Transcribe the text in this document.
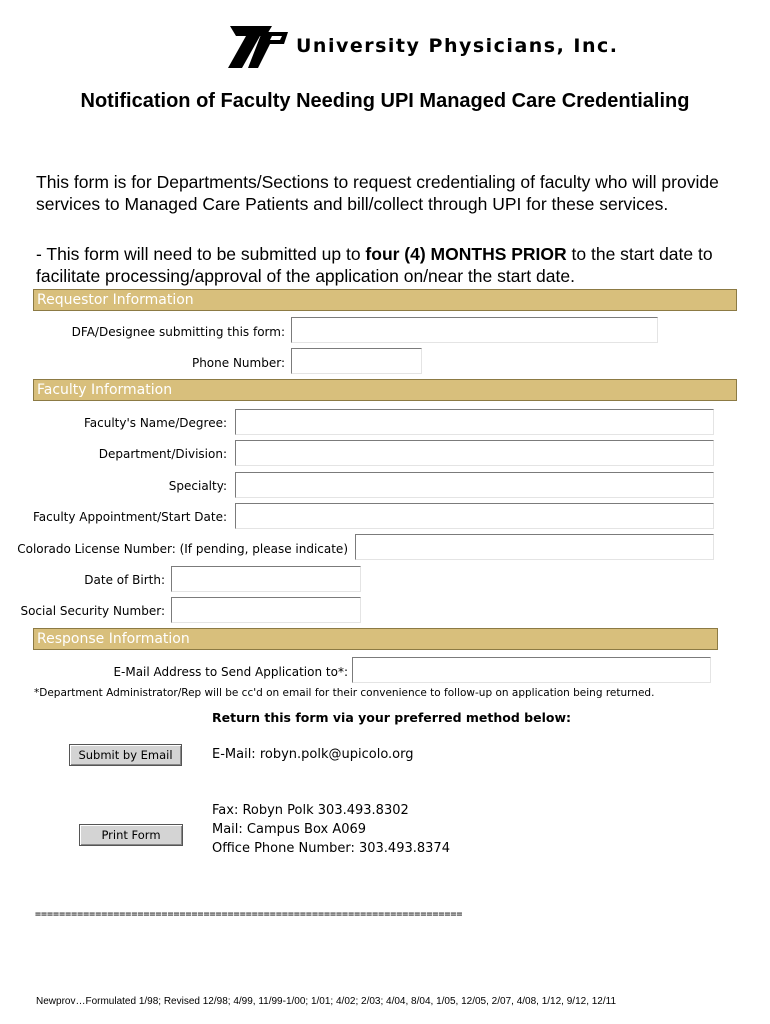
University Physicians, Inc.
Notification of Faculty Needing UPI Managed Care Credentialing
This form is for Departments/Sections to request credentialing of faculty who will provide services to Managed Care Patients and bill/collect through UPI for these services.
- This form will need to be submitted up to four (4) MONTHS PRIOR to the start date to facilitate processing/approval of the application on/near the start date.
Requestor Information
DFA/Designee submitting this form:
Phone Number:
Faculty Information
Faculty's Name/Degree:
Department/Division:
Specialty:
Faculty Appointment/Start Date:
Colorado License Number: (If pending, please indicate)
Date of Birth:
Social Security Number:
Response Information
E-Mail Address to Send Application to*:
*Department Administrator/Rep will be cc'd on email for their convenience to follow-up on application being returned.
Return this form via your preferred method below:
Submit by Email	E-Mail: robyn.polk@upicolo.org
Fax: Robyn Polk 303.493.8302
Mail: Campus Box A069
Office Phone Number: 303.493.8374
Print Form
=======================================================================
Newprov…Formulated 1/98; Revised 12/98; 4/99, 11/99-1/00; 1/01; 4/02; 2/03; 4/04, 8/04, 1/05, 12/05, 2/07, 4/08, 1/12, 9/12, 12/11
